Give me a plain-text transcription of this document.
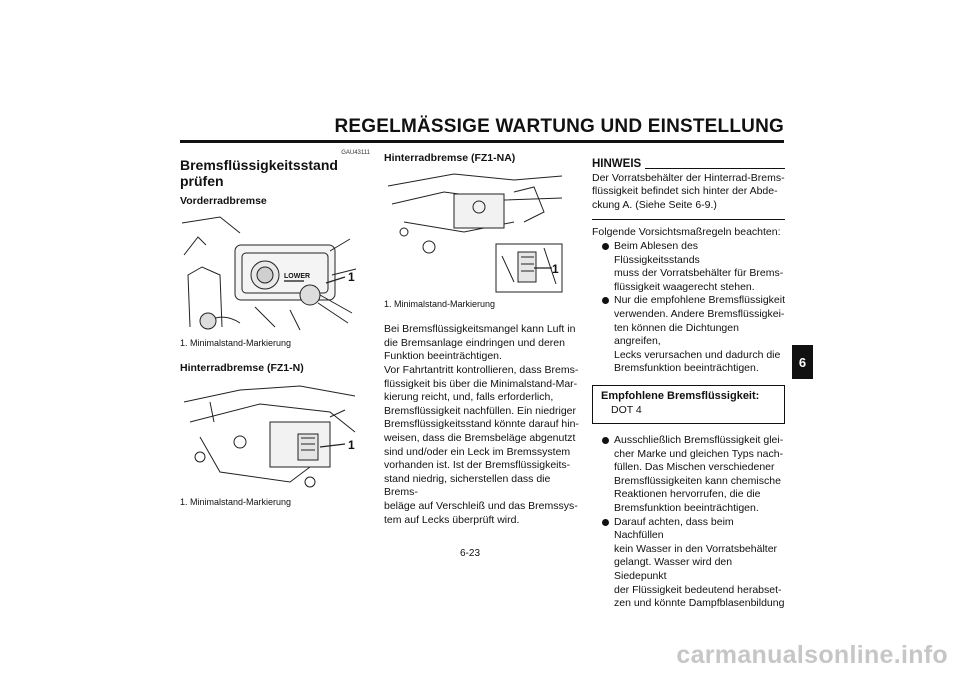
REGELMÄSSIGE WARTUNG UND EINSTELLUNG
GAU43111
Bremsflüssigkeitsstand prüfen
Vorderradbremse
LOWER	1
1. Minimalstand-Markierung
Hinterradbremse (FZ1-N)
1
1. Minimalstand-Markierung
Hinterradbremse (FZ1-NA)
1
1. Minimalstand-Markierung
Bei Bremsflüssigkeitsmangel kann Luft in
die Bremsanlage eindringen und deren
Funktion beeinträchtigen.
Vor Fahrtantritt kontrollieren, dass Brems-
flüssigkeit bis über die Minimalstand-Mar-
kierung reicht, und, falls erforderlich,
Bremsflüssigkeit nachfüllen. Ein niedriger
Bremsflüssigkeitsstand könnte darauf hin-
weisen, dass die Bremsbeläge abgenutzt
sind und/oder ein Leck im Bremssystem
vorhanden ist. Ist der Bremsflüssigkeits-
stand niedrig, sicherstellen dass die Brems-
beläge auf Verschleiß und das Bremssys-
tem auf Lecks überprüft wird.
HINWEIS
Der Vorratsbehälter der Hinterrad-Brems-
flüssigkeit befindet sich hinter der Abde-
ckung A. (Siehe Seite 6-9.)
Folgende Vorsichtsmaßregeln beachten:
Beim Ablesen des Flüssigkeitsstands
muss der Vorratsbehälter für Brems-
flüssigkeit waagerecht stehen.
Nur die empfohlene Bremsflüssigkeit
verwenden. Andere Bremsflüssigkei-
ten können die Dichtungen angreifen,
Lecks verursachen und dadurch die
Bremsfunktion beeinträchtigen.
Empfohlene Bremsflüssigkeit:
DOT 4
Ausschließlich Bremsflüssigkeit glei-
cher Marke und gleichen Typs nach-
füllen. Das Mischen verschiedener
Bremsflüssigkeiten kann chemische
Reaktionen hervorrufen, die die
Bremsfunktion beeinträchtigen.
Darauf achten, dass beim Nachfüllen
kein Wasser in den Vorratsbehälter
gelangt. Wasser wird den Siedepunkt
der Flüssigkeit bedeutend herabset-
zen und könnte Dampfblasenbildung
6
6-23
carmanualsonline.info
